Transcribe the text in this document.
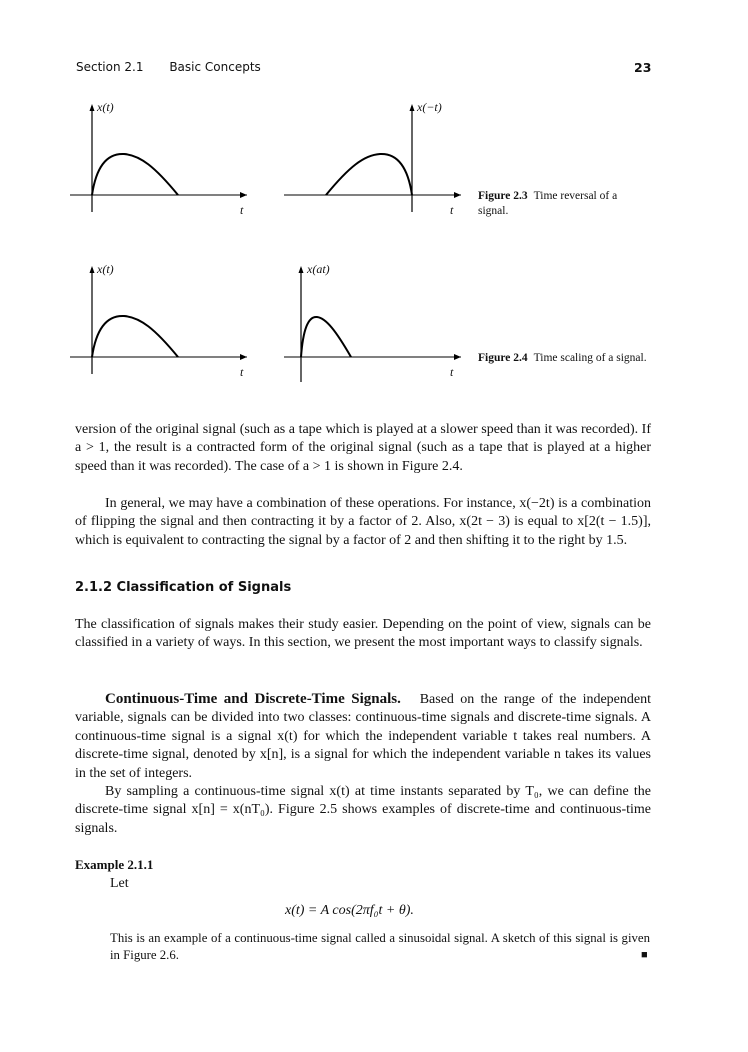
Section 2.1 Basic Concepts	23
x(t)	x(−t)
t	t
Figure 2.3 Time reversal of a signal.
x(t)	x(at)
t	t
Figure 2.4 Time scaling of a signal.
version of the original signal (such as a tape which is played at a slower speed than it was recorded). If a > 1, the result is a contracted form of the original signal (such as a tape that is played at a higher speed than it was recorded). The case of a > 1 is shown in Figure 2.4.
In general, we may have a combination of these operations. For instance, x(−2t) is a combination of flipping the signal and then contracting it by a factor of 2. Also, x(2t − 3) is equal to x[2(t − 1.5)], which is equivalent to contracting the signal by a factor of 2 and then shifting it to the right by 1.5.
2.1.2 Classification of Signals
The classification of signals makes their study easier. Depending on the point of view, signals can be classified in a variety of ways. In this section, we present the most important ways to classify signals.
Continuous-Time and Discrete-Time Signals. Based on the range of the independent variable, signals can be divided into two classes: continuous-time signals and discrete-time signals. A continuous-time signal is a signal x(t) for which the independent variable t takes real numbers. A discrete-time signal, denoted by x[n], is a signal for which the independent variable n takes its values in the set of integers.
By sampling a continuous-time signal x(t) at time instants separated by T₀, we can define the discrete-time signal x[n] = x(nT₀). Figure 2.5 shows examples of discrete-time and continuous-time signals.
Example 2.1.1
Let
x(t) = A cos(2πf₀t + θ).
This is an example of a continuous-time signal called a sinusoidal signal. A sketch of this signal is given in Figure 2.6.	■
